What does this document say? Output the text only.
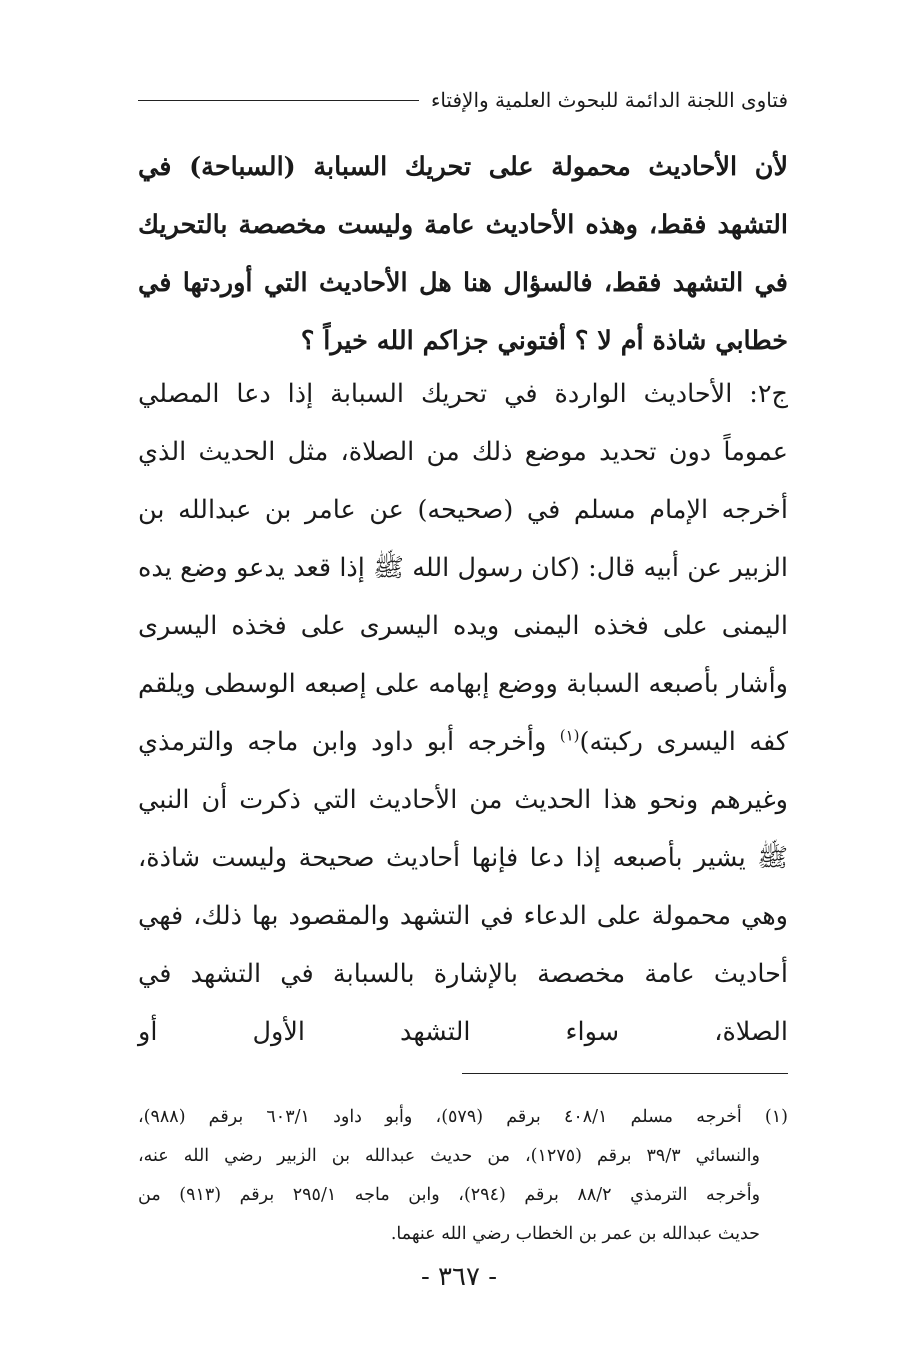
فتاوى اللجنة الدائمة للبحوث العلمية والإفتاء

لأن الأحاديث محمولة على تحريك السبابة (السباحة) في التشهد فقط، وهذه الأحاديث عامة وليست مخصصة بالتحريك في التشهد فقط، فالسؤال هنا هل الأحاديث التي أوردتها في خطابي شاذة أم لا ؟ أفتوني جزاكم الله خيراً ؟

ج٢: الأحاديث الواردة في تحريك السبابة إذا دعا المصلي عموماً دون تحديد موضع ذلك من الصلاة، مثل الحديث الذي أخرجه الإمام مسلم في (صحيحه) عن عامر بن عبدالله بن الزبير عن أبيه قال: (كان رسول الله ﷺ إذا قعد يدعو وضع يده اليمنى على فخذه اليمنى ويده اليسرى على فخذه اليسرى وأشار بأصبعه السبابة ووضع إبهامه على إصبعه الوسطى ويلقم كفه اليسرى ركبته)$^{(١)}$ وأخرجه أبو داود وابن ماجه والترمذي وغيرهم ونحو هذا الحديث من الأحاديث التي ذكرت أن النبي ﷺ يشير بأصبعه إذا دعا فإنها أحاديث صحيحة وليست شاذة، وهي محمولة على الدعاء في التشهد والمقصود بها ذلك، فهي أحاديث عامة مخصصة بالإشارة بالسبابة في التشهد في الصلاة، سواء التشهد الأول أو

(١) أخرجه مسلم ٤٠٨/١ برقم (٥٧٩)، وأبو داود ٦٠٣/١ برقم (٩٨٨)،
والنسائي ٣٩/٣ برقم (١٢٧٥)، من حديث عبدالله بن الزبير رضي الله عنه،
وأخرجه الترمذي ٨٨/٢ برقم (٢٩٤)، وابن ماجه ٢٩٥/١ برقم (٩١٣) من
حديث عبدالله بن عمر بن الخطاب رضي الله عنهما.
- ٣٦٧ -
